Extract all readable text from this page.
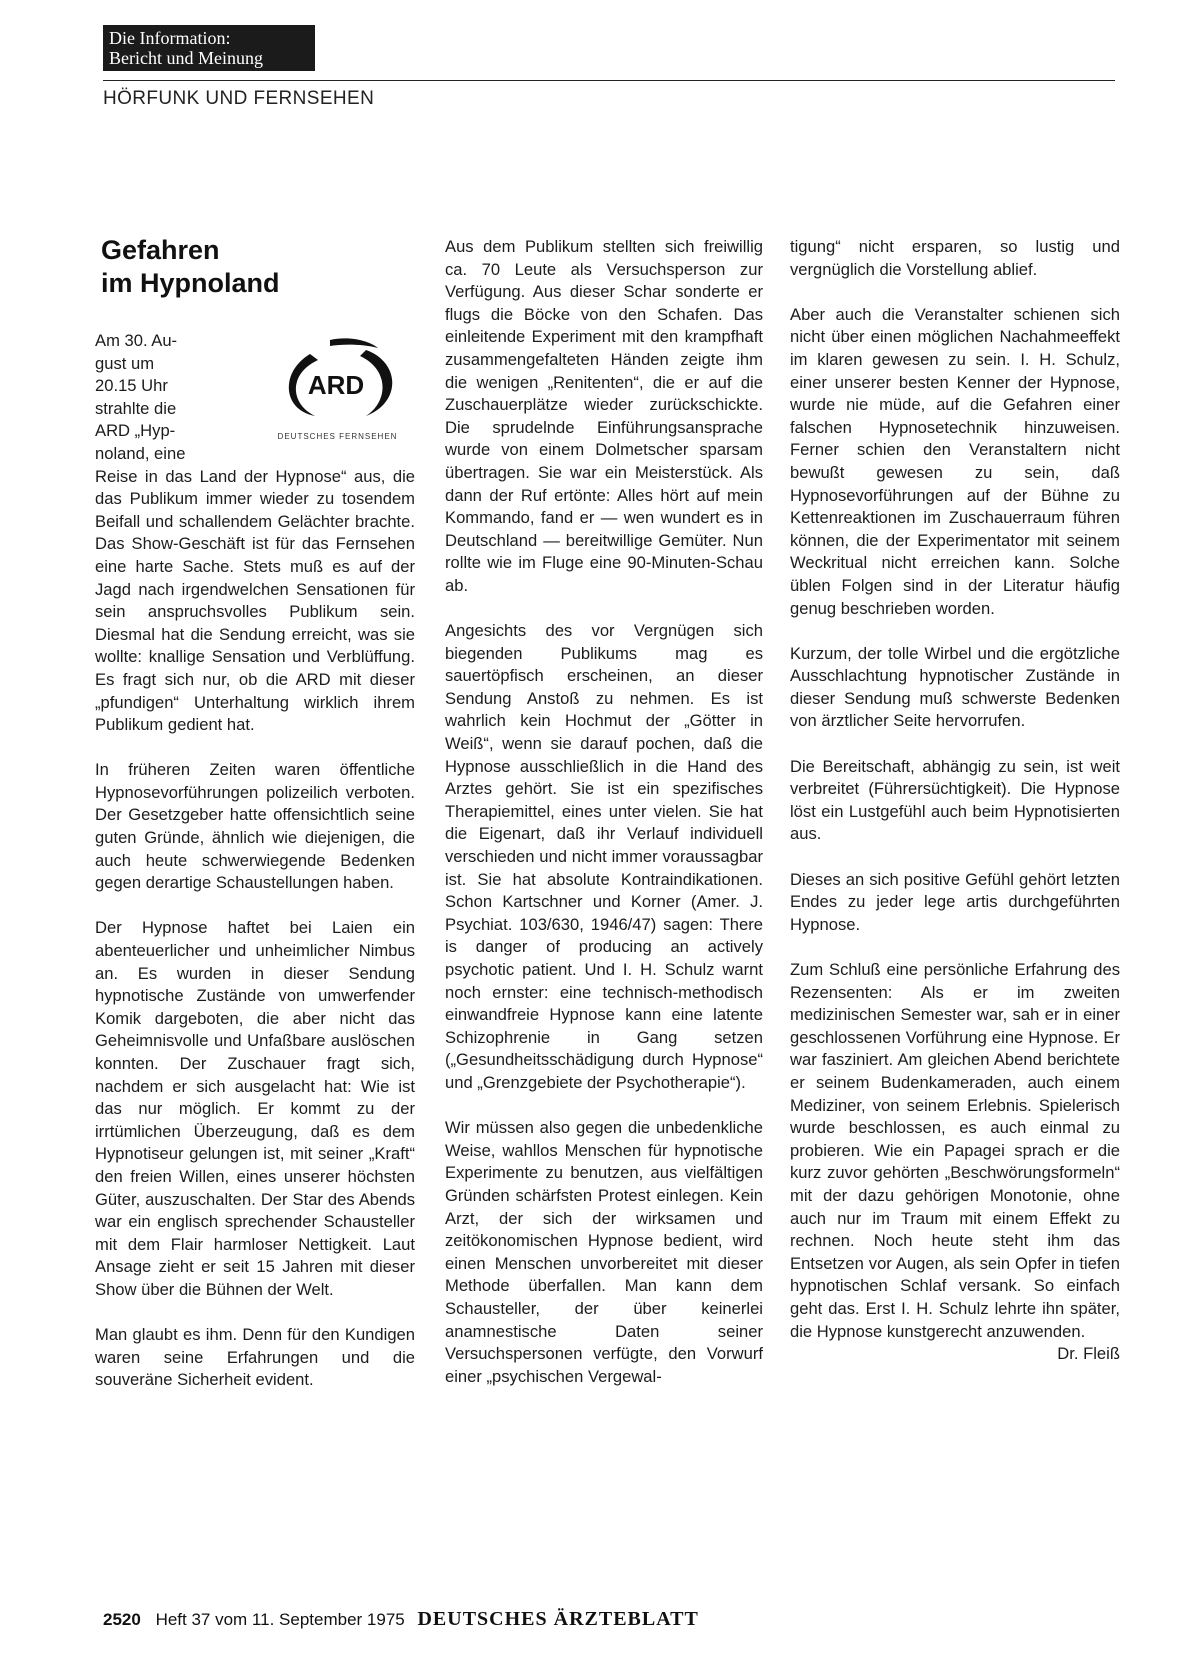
Die Information:
Bericht und Meinung
HÖRFUNK UND FERNSEHEN
Gefahren
im Hypnoland
ARD
DEUTSCHES FERNSEHEN

Am 30. Au-
gust um
20.15 Uhr
strahlte die
ARD „Hyp-
noland, eine
Reise in das Land der Hypnose“ aus, die das Publikum immer wieder zu tosendem Beifall und schallendem Gelächter brachte. Das Show-Geschäft ist für das Fernsehen eine harte Sache. Stets muß es auf der Jagd nach irgendwelchen Sensationen für sein anspruchsvolles Publikum sein. Diesmal hat die Sendung erreicht, was sie wollte: knallige Sensation und Verblüffung. Es fragt sich nur, ob die ARD mit dieser „pfundigen“ Unterhaltung wirklich ihrem Publikum gedient hat.

In früheren Zeiten waren öffentliche Hypnosevorführungen polizeilich verboten. Der Gesetzgeber hatte offensichtlich seine guten Gründe, ähnlich wie diejenigen, die auch heute schwerwiegende Bedenken gegen derartige Schaustellungen haben.

Der Hypnose haftet bei Laien ein abenteuerlicher und unheimlicher Nimbus an. Es wurden in dieser Sendung hypnotische Zustände von umwerfender Komik dargeboten, die aber nicht das Geheimnisvolle und Unfaßbare auslöschen konnten. Der Zuschauer fragt sich, nachdem er sich ausgelacht hat: Wie ist das nur möglich. Er kommt zu der irrtümlichen Überzeugung, daß es dem Hypnotiseur gelungen ist, mit seiner „Kraft“ den freien Willen, eines unserer höchsten Güter, auszuschalten. Der Star des Abends war ein englisch sprechender Schausteller mit dem Flair harmloser Nettigkeit. Laut Ansage zieht er seit 15 Jahren mit dieser Show über die Bühnen der Welt.

Man glaubt es ihm. Denn für den Kundigen waren seine Erfahrungen und die souveräne Sicherheit evident.

Aus dem Publikum stellten sich freiwillig ca. 70 Leute als Versuchsperson zur Verfügung. Aus dieser Schar sonderte er flugs die Böcke von den Schafen. Das einleitende Experiment mit den krampfhaft zusammengefalteten Händen zeigte ihm die wenigen „Renitenten“, die er auf die Zuschauerplätze wieder zurückschickte. Die sprudelnde Einführungsansprache wurde von einem Dolmetscher sparsam übertragen. Sie war ein Meisterstück. Als dann der Ruf ertönte: Alles hört auf mein Kommando, fand er — wen wundert es in Deutschland — bereitwillige Gemüter. Nun rollte wie im Fluge eine 90-Minuten-Schau ab.

Angesichts des vor Vergnügen sich biegenden Publikums mag es sauertöpfisch erscheinen, an dieser Sendung Anstoß zu nehmen. Es ist wahrlich kein Hochmut der „Götter in Weiß“, wenn sie darauf pochen, daß die Hypnose ausschließlich in die Hand des Arztes gehört. Sie ist ein spezifisches Therapiemittel, eines unter vielen. Sie hat die Eigenart, daß ihr Verlauf individuell verschieden und nicht immer voraussagbar ist. Sie hat absolute Kontraindikationen. Schon Kartschner und Korner (Amer. J. Psychiat. 103/630, 1946/47) sagen: There is danger of producing an actively psychotic patient. Und I. H. Schulz warnt noch ernster: eine technisch-methodisch einwandfreie Hypnose kann eine latente Schizophrenie in Gang setzen („Gesundheitsschädigung durch Hypnose“ und „Grenzgebiete der Psychotherapie“).

Wir müssen also gegen die unbedenkliche Weise, wahllos Menschen für hypnotische Experimente zu benutzen, aus vielfältigen Gründen schärfsten Protest einlegen. Kein Arzt, der sich der wirksamen und zeitökonomischen Hypnose bedient, wird einen Menschen unvorbereitet mit dieser Methode überfallen. Man kann dem Schausteller, der über keinerlei anamnestische Daten seiner Versuchspersonen verfügte, den Vorwurf einer „psychischen Vergewal-

tigung“ nicht ersparen, so lustig und vergnüglich die Vorstellung ablief.

Aber auch die Veranstalter schienen sich nicht über einen möglichen Nachahmeeffekt im klaren gewesen zu sein. I. H. Schulz, einer unserer besten Kenner der Hypnose, wurde nie müde, auf die Gefahren einer falschen Hypnosetechnik hinzuweisen. Ferner schien den Veranstaltern nicht bewußt gewesen zu sein, daß Hypnosevorführungen auf der Bühne zu Kettenreaktionen im Zuschauerraum führen können, die der Experimentator mit seinem Weckritual nicht erreichen kann. Solche üblen Folgen sind in der Literatur häufig genug beschrieben worden.

Kurzum, der tolle Wirbel und die ergötzliche Ausschlachtung hypnotischer Zustände in dieser Sendung muß schwerste Bedenken von ärztlicher Seite hervorrufen.

Die Bereitschaft, abhängig zu sein, ist weit verbreitet (Führersüchtigkeit). Die Hypnose löst ein Lustgefühl auch beim Hypnotisierten aus.

Dieses an sich positive Gefühl gehört letzten Endes zu jeder lege artis durchgeführten Hypnose.

Zum Schluß eine persönliche Erfahrung des Rezensenten: Als er im zweiten medizinischen Semester war, sah er in einer geschlossenen Vorführung eine Hypnose. Er war fasziniert. Am gleichen Abend berichtete er seinem Budenkameraden, auch einem Mediziner, von seinem Erlebnis. Spielerisch wurde beschlossen, es auch einmal zu probieren. Wie ein Papagei sprach er die kurz zuvor gehörten „Beschwörungsformeln“ mit der dazu gehörigen Monotonie, ohne auch nur im Traum mit einem Effekt zu rechnen. Noch heute steht ihm das Entsetzen vor Augen, als sein Opfer in tiefen hypnotischen Schlaf versank. So einfach geht das. Erst I. H. Schulz lehrte ihn später, die Hypnose kunstgerecht anzuwenden.
Dr. Fleiß

2520 Heft 37 vom 11. September 1975 DEUTSCHES ÄRZTEBLATT
